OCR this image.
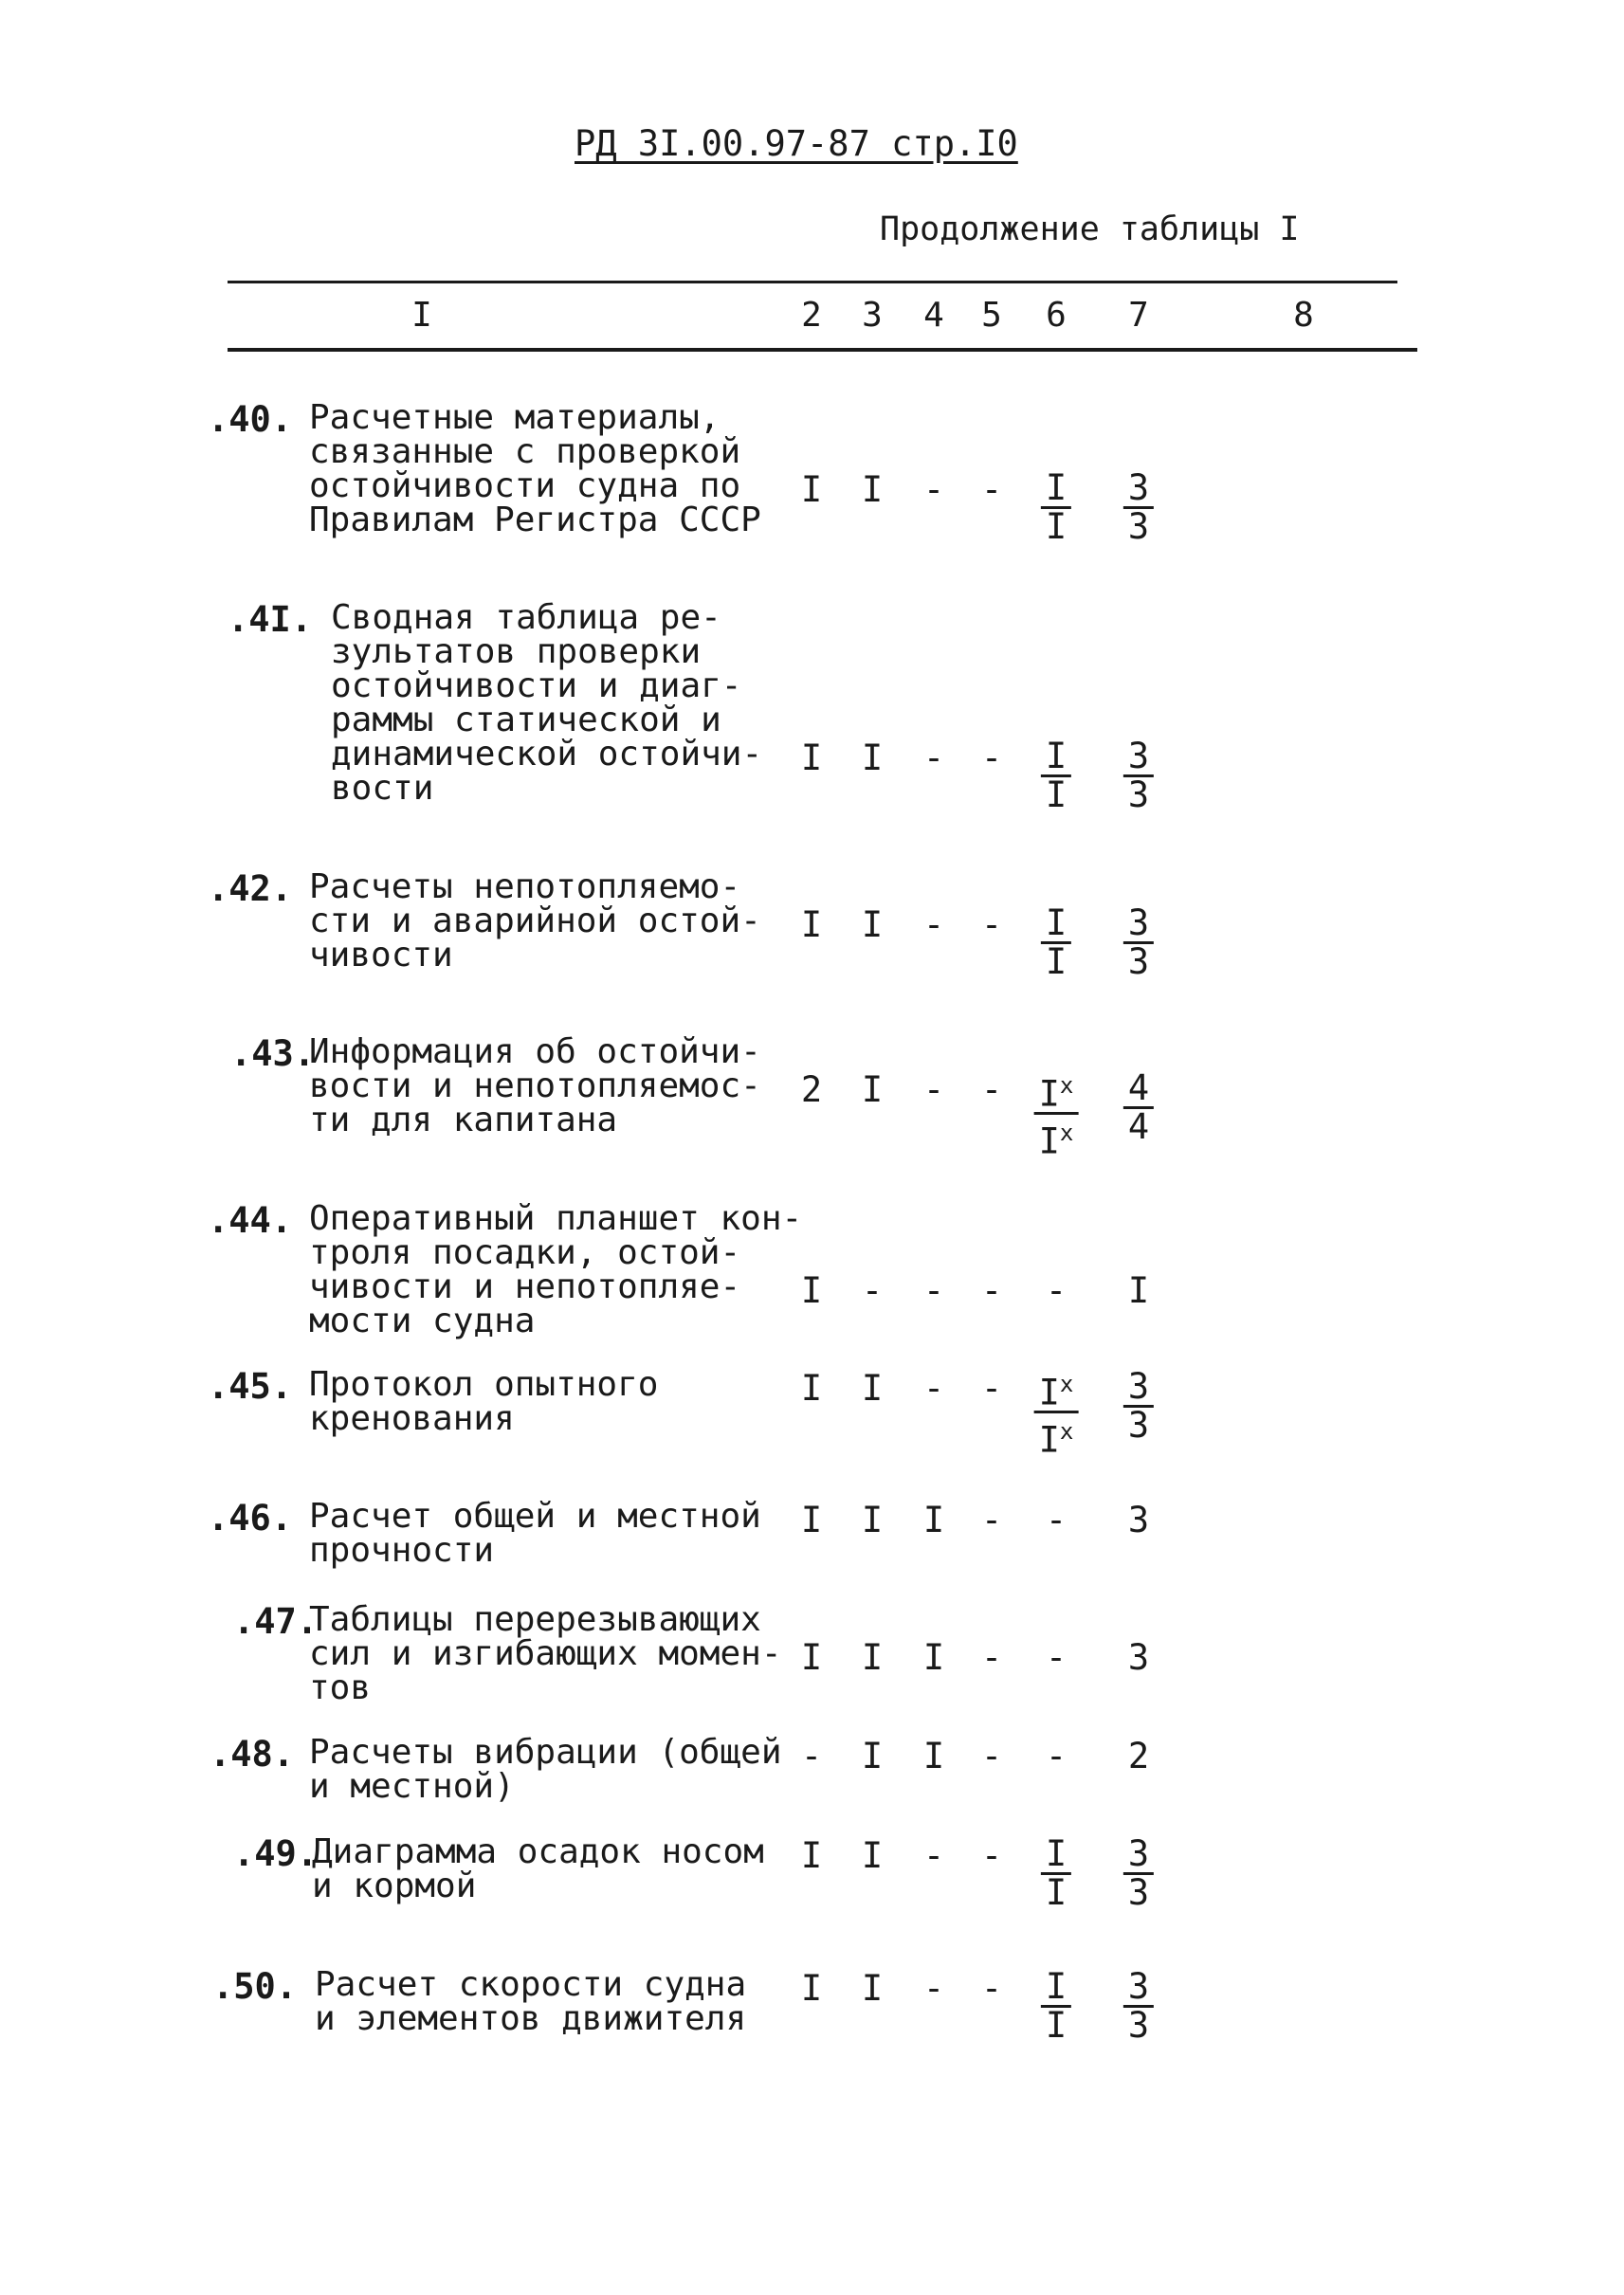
РД 3I.00.97-87 стр.I0
Продолжение таблицы I
I	2 3 4 5 6 7	8
.40. Расчетные материалы,
связанные с проверкой
остойчивости судна по
Правилам Регистра СССР
I I - - $\frac{I}{I} \frac{3}{3}$
.4I. Сводная таблица ре-
зультатов проверки
остойчивости и диаг-
раммы статической и
динамической остойчи-
вости
I I - - $\frac{I}{I} \frac{3}{3}$
.42. Расчеты непотопляемо-
сти и аварийной остой-
чивости
I I - - $\frac{I}{I} \frac{3}{3}$
.43.
Информация об остойчи-
вости и непотопляемос-
ти для капитана
2 I - - $\frac{I^x}{I^x} \frac{4}{4}$
.44. Оперативный планшет кон-
троля посадки, остой-
чивости и непотопляе-
мости судна
I - - - - I
.45. Протокол опытного
кренования
I I - - $\frac{I^x}{I^x} \frac{3}{3}$
.46. Расчет общей и местной
прочности
I I I - - 3
.47.
Таблицы перерезывающих
сил и изгибающих момен-
тов
I I I - - 3
.48. Расчеты вибрации (общей
и местной)
- I I - - 2
.49.
Диаграмма осадок носом
и кормой
I I - - $\frac{I}{I} \frac{3}{3}$
.50. Расчет скорости судна
и элементов движителя
I I - - $\frac{I}{I} \frac{3}{3}$
